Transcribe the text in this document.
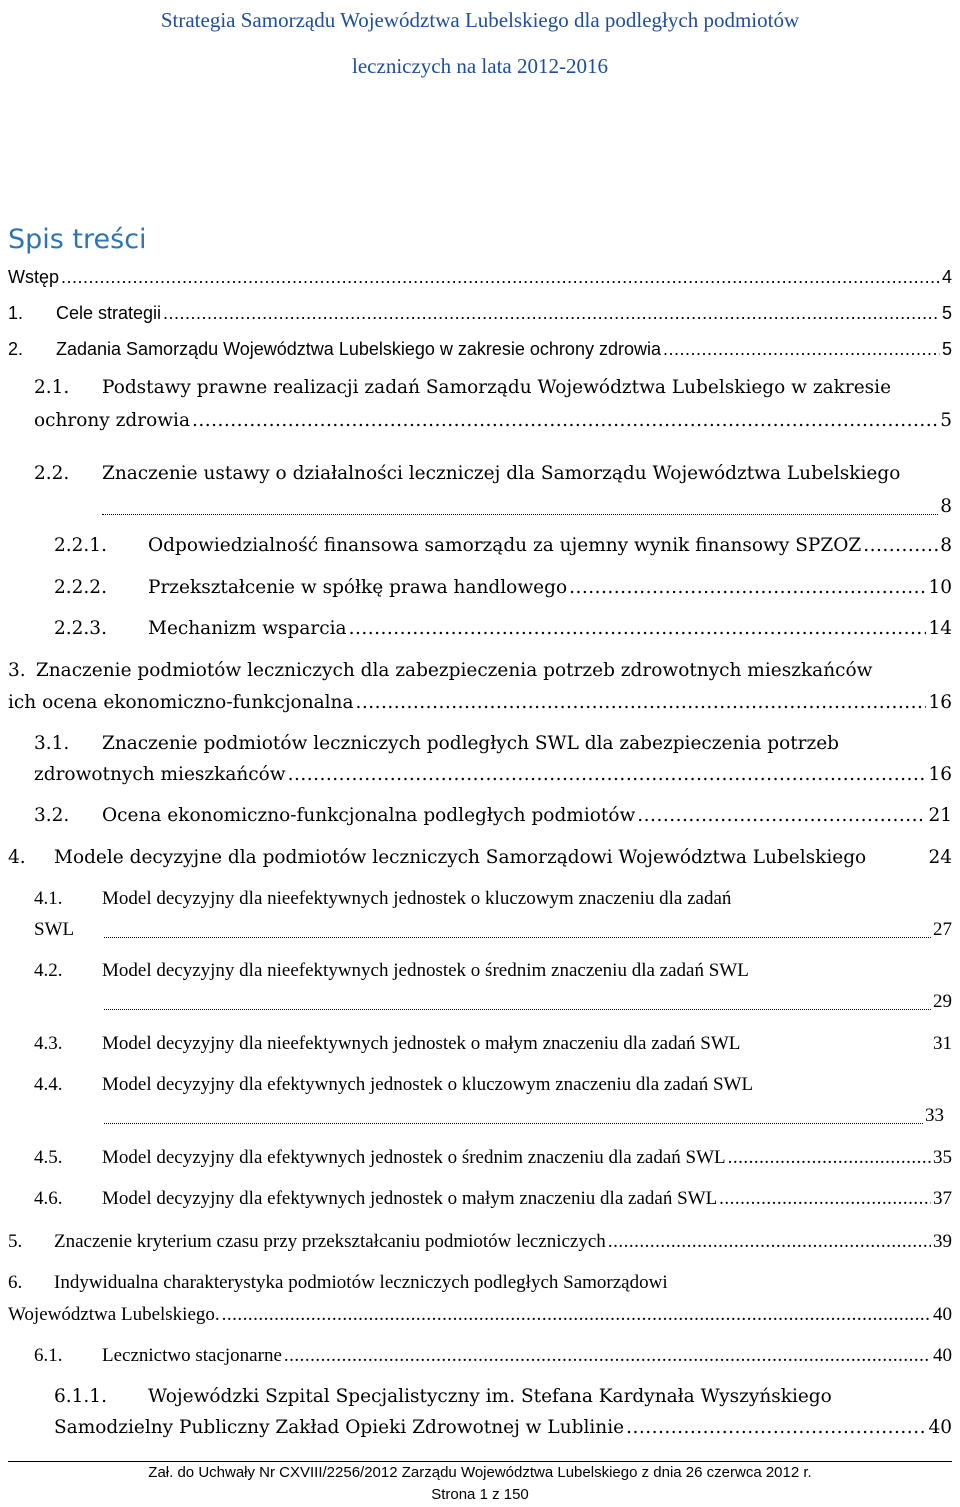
Strategia Samorządu Województwa Lubelskiego dla podległych podmiotów
leczniczych na lata 2012-2016
Spis treści
Wstęp .....	4
1.	Cele strategii .....	5
2.	Zadania Samorządu Województwa Lubelskiego w zakresie ochrony zdrowia .....	5
2.1. Podstawy prawne realizacji zadań Samorządu Województwa Lubelskiego w zakresie
ochrony zdrowia .....	5
2.2. Znaczenie ustawy o działalności leczniczej dla Samorządu Województwa Lubelskiego
8
2.2.1.	Odpowiedzialność finansowa samorządu za ujemny wynik finansowy SPZOZ .....	8
2.2.2.	Przekształcenie w spółkę prawa handlowego .....	10
2.2.3.	Mechanizm wsparcia .....	14
3. Znaczenie podmiotów leczniczych dla zabezpieczenia potrzeb zdrowotnych mieszkańców
ich ocena ekonomiczno-funkcjonalna .....	16
3.1. Znaczenie podmiotów leczniczych podległych SWL dla zabezpieczenia potrzeb
zdrowotnych mieszkańców .....	16
3.2.	Ocena ekonomiczno-funkcjonalna podległych podmiotów .....	21
4.	Modele decyzyjne dla podmiotów leczniczych Samorządowi Województwa Lubelskiego	24
4.1. Model decyzyjny dla nieefektywnych jednostek o kluczowym znaczeniu dla zadań
SWL	27
4.2. Model decyzyjny dla nieefektywnych jednostek o średnim znaczeniu dla zadań SWL
29
4.3.	Model decyzyjny dla nieefektywnych jednostek o małym znaczeniu dla zadań SWL	31
4.4. Model decyzyjny dla efektywnych jednostek o kluczowym znaczeniu dla zadań SWL
33
4.5.	Model decyzyjny dla efektywnych jednostek o średnim znaczeniu dla zadań SWL .....	35
4.6.	Model decyzyjny dla efektywnych jednostek o małym znaczeniu dla zadań SWL .....	37
5.	Znaczenie kryterium czasu przy przekształcaniu podmiotów leczniczych .....	39
6. Indywidualna charakterystyka podmiotów leczniczych podległych Samorządowi
Województwa Lubelskiego. .....	40
6.1.	Lecznictwo stacjonarne .....	40
6.1.1. Wojewódzki Szpital Specjalistyczny im. Stefana Kardynała Wyszyńskiego
Samodzielny Publiczny Zakład Opieki Zdrowotnej w Lublinie .....	40
Zał. do Uchwały Nr CXVIII/2256/2012 Zarządu Województwa Lubelskiego z dnia 26 czerwca 2012 r.
Strona 1 z 150
